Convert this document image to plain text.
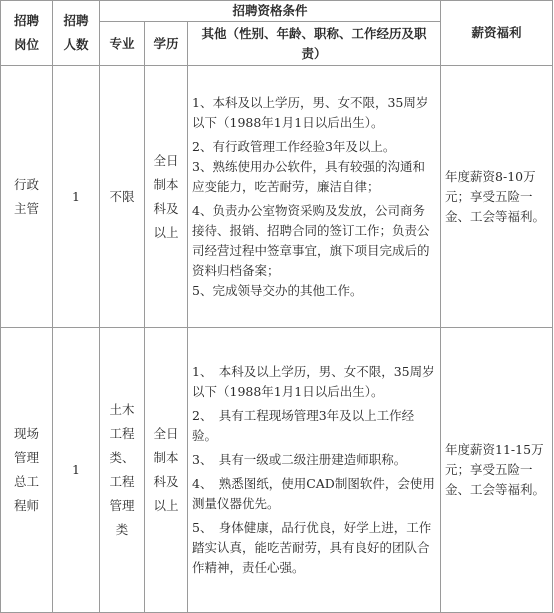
招聘岗位	招聘人数	招聘资格条件			薪资福利
		专业	学历	其他（性别、年龄、职称、工作经历及职责）	
行政主管	1	不限	全日制本科及以上	1、本科及以上学历，男、女不限，35周岁以下（1988年1月1日以后出生）。

2、有行政管理工作经验3年及以上。

3、熟练使用办公软件，具有较强的沟通和应变能力，吃苦耐劳，廉洁自律；

4、负责办公室物资采购及发放，公司商务接待、报销、招聘合同的签订工作；负责公司经营过程中签章事宜，旗下项目完成后的资料归档备案；

5、完成领导交办的其他工作。	年度薪资8-10万元；享受五险一金、工会等福利。
现场管理总工程师	1	土木工程类、工程管理类	全日制本科及以上	1、　本科及以上学历，男、女不限，35周岁以下（1988年1月1日以后出生）。

2、　具有工程现场管理3年及以上工作经验。

3、　具有一级或二级注册建造师职称。

4、　熟悉图纸，使用CAD制图软件，会使用测量仪器优先。

5、　身体健康，品行优良，好学上进，工作踏实认真，能吃苦耐劳，具有良好的团队合作精神，责任心强。	年度薪资11-15万元；享受五险一金、工会等福利。
